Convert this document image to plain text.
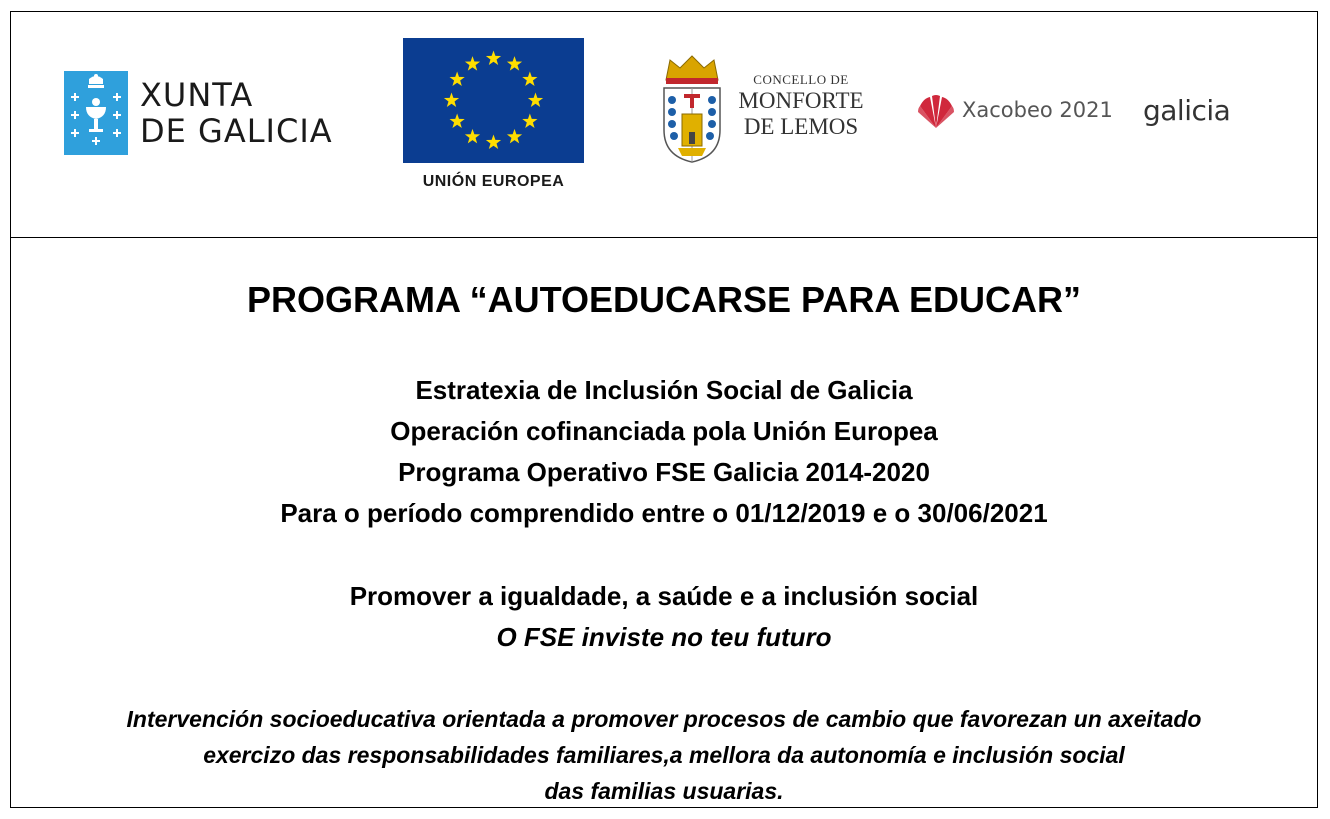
XUNTA
DE GALICIA
UNIÓN EUROPEA
CONCELLO DE
MONFORTE
DE LEMOS
Xacobeo 2021 galicia
PROGRAMA “AUTOEDUCARSE PARA EDUCAR”
Estratexia de Inclusión Social de Galicia
Operación cofinanciada pola Unión Europea
Programa Operativo FSE Galicia 2014-2020
Para o período comprendido entre o 01/12/2019 e o 30/06/2021
Promover a igualdade, a saúde e a inclusión social
O FSE inviste no teu futuro
Intervención socioeducativa orientada a promover procesos de cambio que favorezan un axeitado
exercizo das responsabilidades familiares,a mellora da autonomía e inclusión social
das familias usuarias.
